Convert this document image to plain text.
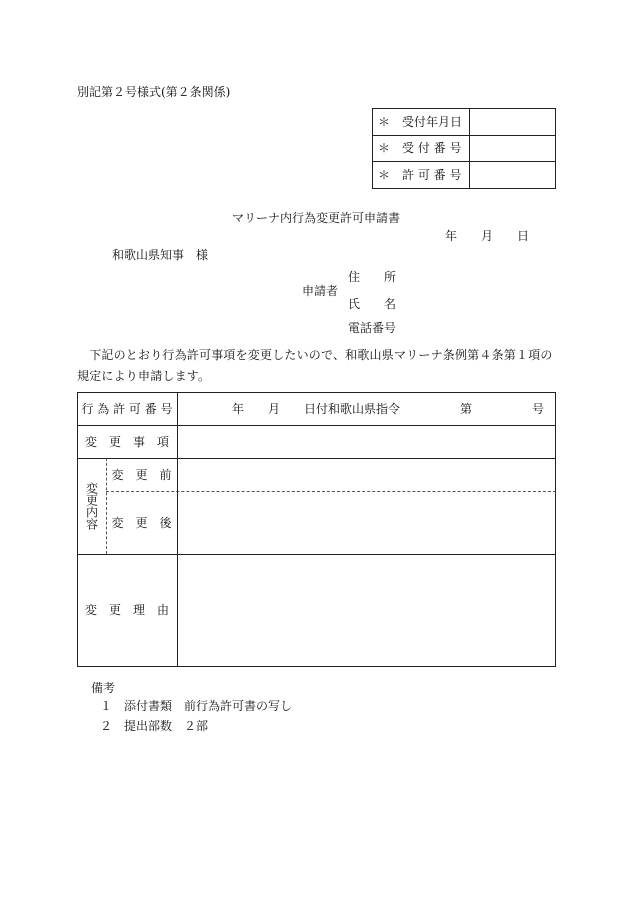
別記第２号様式(第２条関係)
＊　受付年月日
＊　受 付 番 号
＊　許 可 番 号
マリーナ内行為変更許可申請書
年　　月　　日
和歌山県知事　様
住　　所
申請者
氏　　名
電話番号
　下記のとおり行為許可事項を変更したいので、和歌山県マリーナ条例第４条第１項の
規定により申請します。
行 為 許 可 番 号	年　　月　　日付和歌山県指令　　　　　第　　　　　号
変　更　事　項
変更内容
変　更　前
変　更　後
変　更　理　由
備考
１　添付書類　前行為許可書の写し
２　提出部数　２部
